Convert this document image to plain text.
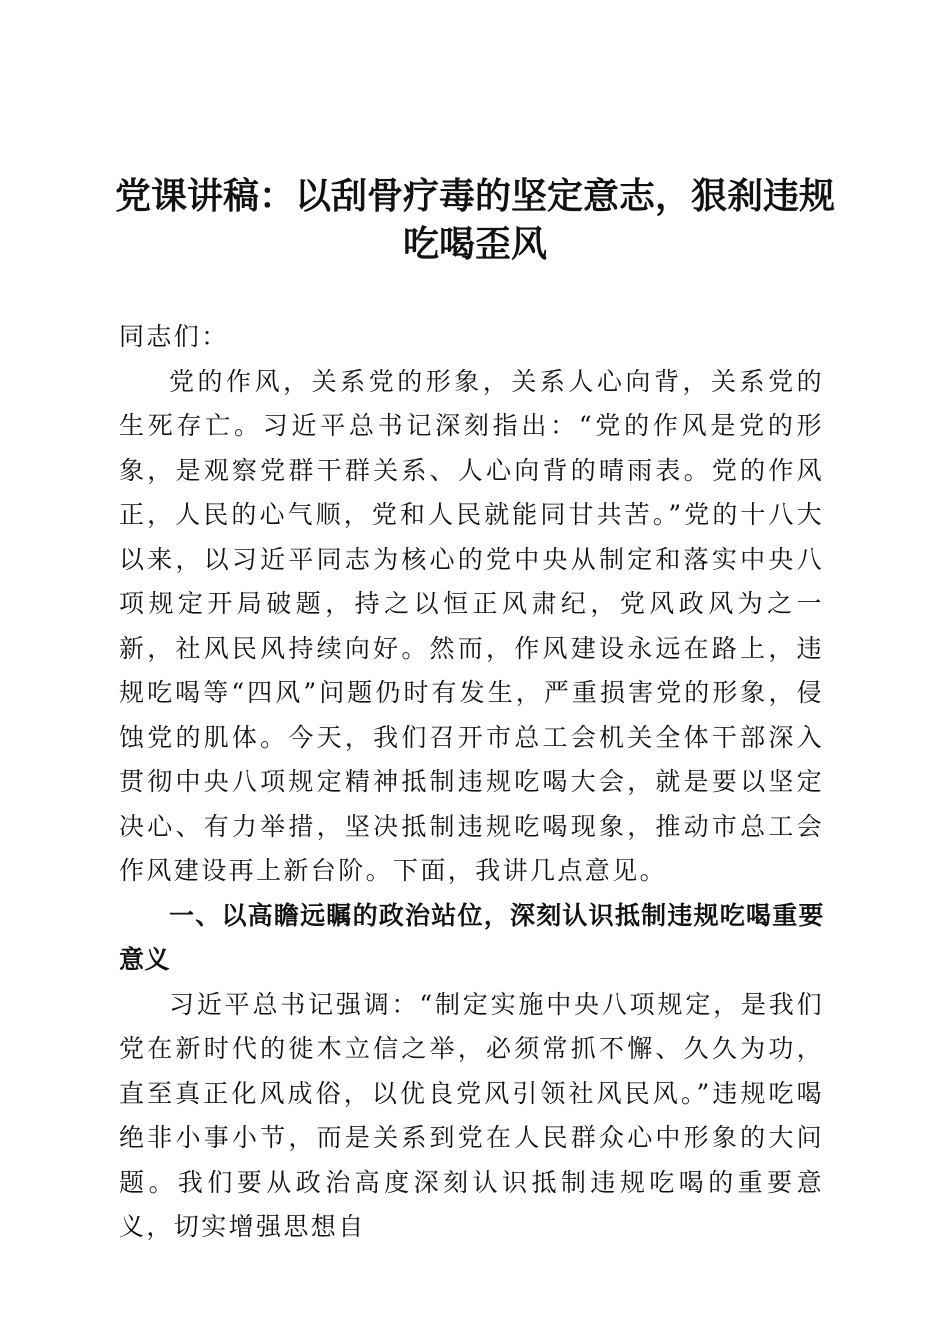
党课讲稿：以刮骨疗毒的坚定意志，狠刹违规吃喝歪风

同志们：

党的作风，关系党的形象，关系人心向背，关系党的生死存亡。习近平总书记深刻指出：“党的作风是党的形象，是观察党群干群关系、人心向背的晴雨表。党的作风正，人民的心气顺，党和人民就能同甘共苦。”党的十八大以来，以习近平同志为核心的党中央从制定和落实中央八项规定开局破题，持之以恒正风肃纪，党风政风为之一新，社风民风持续向好。然而，作风建设永远在路上，违规吃喝等“四风”问题仍时有发生，严重损害党的形象，侵蚀党的肌体。今天，我们召开市总工会机关全体干部深入贯彻中央八项规定精神抵制违规吃喝大会，就是要以坚定决心、有力举措，坚决抵制违规吃喝现象，推动市总工会作风建设再上新台阶。下面，我讲几点意见。

一、以高瞻远瞩的政治站位，深刻认识抵制违规吃喝重要意义

习近平总书记强调：“制定实施中央八项规定，是我们党在新时代的徙木立信之举，必须常抓不懈、久久为功，直至真正化风成俗，以优良党风引领社风民风。”违规吃喝绝非小事小节，而是关系到党在人民群众心中形象的大问题。我们要从政治高度深刻认识抵制违规吃喝的重要意义，切实增强思想自
